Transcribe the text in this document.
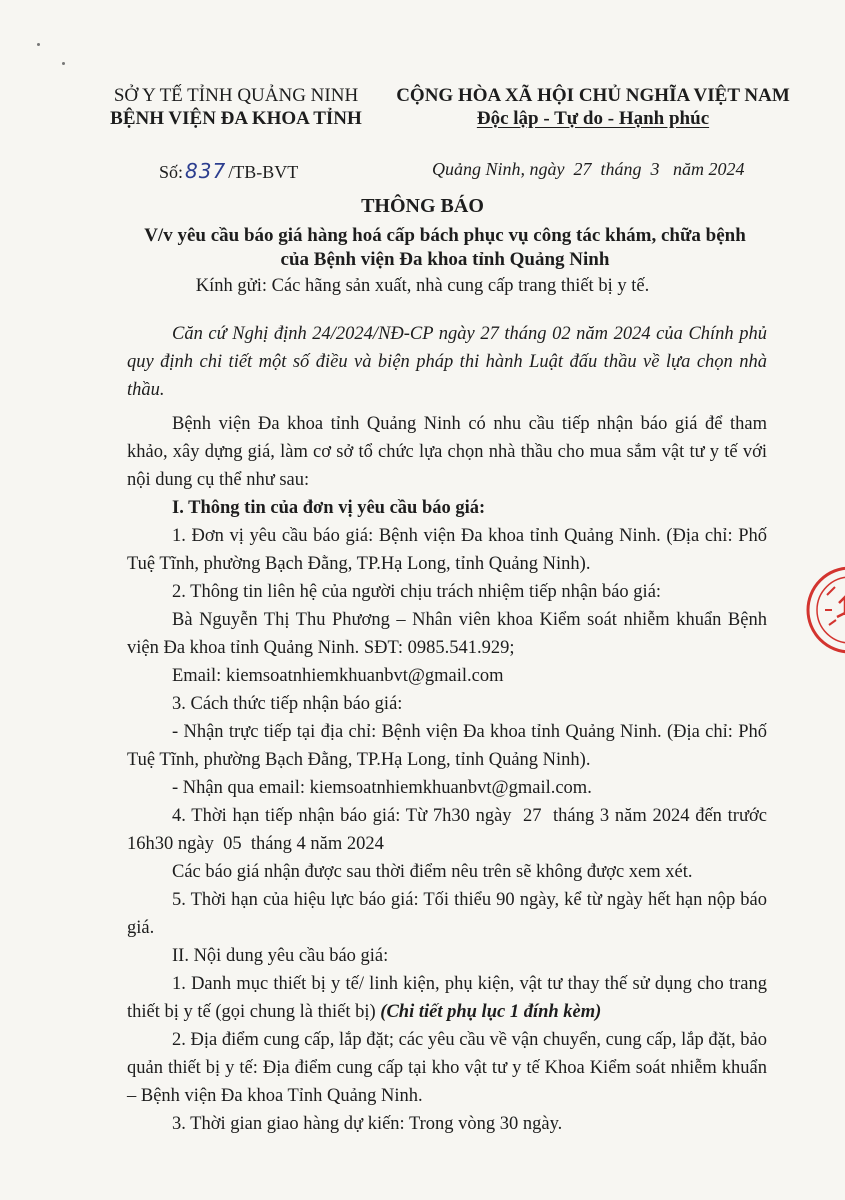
SỞ Y TẾ TỈNH QUẢNG NINH
BỆNH VIỆN ĐA KHOA TỈNH
CỘNG HÒA XÃ HỘI CHỦ NGHĨA VIỆT NAM
Độc lập - Tự do - Hạnh phúc
Số: 837 /TB-BVT	Quảng Ninh, ngày  27  tháng  3   năm 2024
THÔNG BÁO
V/v yêu cầu báo giá hàng hoá cấp bách phục vụ công tác khám, chữa bệnh
của Bệnh viện Đa khoa tỉnh Quảng Ninh
Kính gửi: Các hãng sản xuất, nhà cung cấp trang thiết bị y tế.

Căn cứ Nghị định 24/2024/NĐ-CP ngày 27 tháng 02 năm 2024 của Chính phủ quy định chi tiết một số điều và biện pháp thi hành Luật đấu thầu về lựa chọn nhà thầu.

Bệnh viện Đa khoa tỉnh Quảng Ninh có nhu cầu tiếp nhận báo giá để tham khảo, xây dựng giá, làm cơ sở tổ chức lựa chọn nhà thầu cho mua sắm vật tư y tế với nội dung cụ thể như sau:

I. Thông tin của đơn vị yêu cầu báo giá:

1. Đơn vị yêu cầu báo giá: Bệnh viện Đa khoa tỉnh Quảng Ninh. (Địa chỉ: Phố Tuệ Tĩnh, phường Bạch Đằng, TP.Hạ Long, tỉnh Quảng Ninh).

2. Thông tin liên hệ của người chịu trách nhiệm tiếp nhận báo giá:

Bà Nguyễn Thị Thu Phương – Nhân viên khoa Kiểm soát nhiễm khuẩn Bệnh viện Đa khoa tỉnh Quảng Ninh. SĐT: 0985.541.929;

Email: kiemsoatnhiemkhuanbvt@gmail.com

3. Cách thức tiếp nhận báo giá:

- Nhận trực tiếp tại địa chỉ: Bệnh viện Đa khoa tỉnh Quảng Ninh. (Địa chỉ: Phố Tuệ Tĩnh, phường Bạch Đằng, TP.Hạ Long, tỉnh Quảng Ninh).

- Nhận qua email: kiemsoatnhiemkhuanbvt@gmail.com.

4. Thời hạn tiếp nhận báo giá: Từ 7h30 ngày  27  tháng 3 năm 2024 đến trước 16h30 ngày  05  tháng 4 năm 2024

Các báo giá nhận được sau thời điểm nêu trên sẽ không được xem xét.

5. Thời hạn của hiệu lực báo giá: Tối thiểu 90 ngày, kể từ ngày hết hạn nộp báo giá.

II. Nội dung yêu cầu báo giá:

1. Danh mục thiết bị y tế/ linh kiện, phụ kiện, vật tư thay thế sử dụng cho trang thiết bị y tế (gọi chung là thiết bị) (Chi tiết phụ lục 1 đính kèm)

2. Địa điểm cung cấp, lắp đặt; các yêu cầu về vận chuyển, cung cấp, lắp đặt, bảo quản thiết bị y tế: Địa điểm cung cấp tại kho vật tư y tế Khoa Kiểm soát nhiễm khuẩn – Bệnh viện Đa khoa Tỉnh Quảng Ninh.

3. Thời gian giao hàng dự kiến: Trong vòng 30 ngày.
